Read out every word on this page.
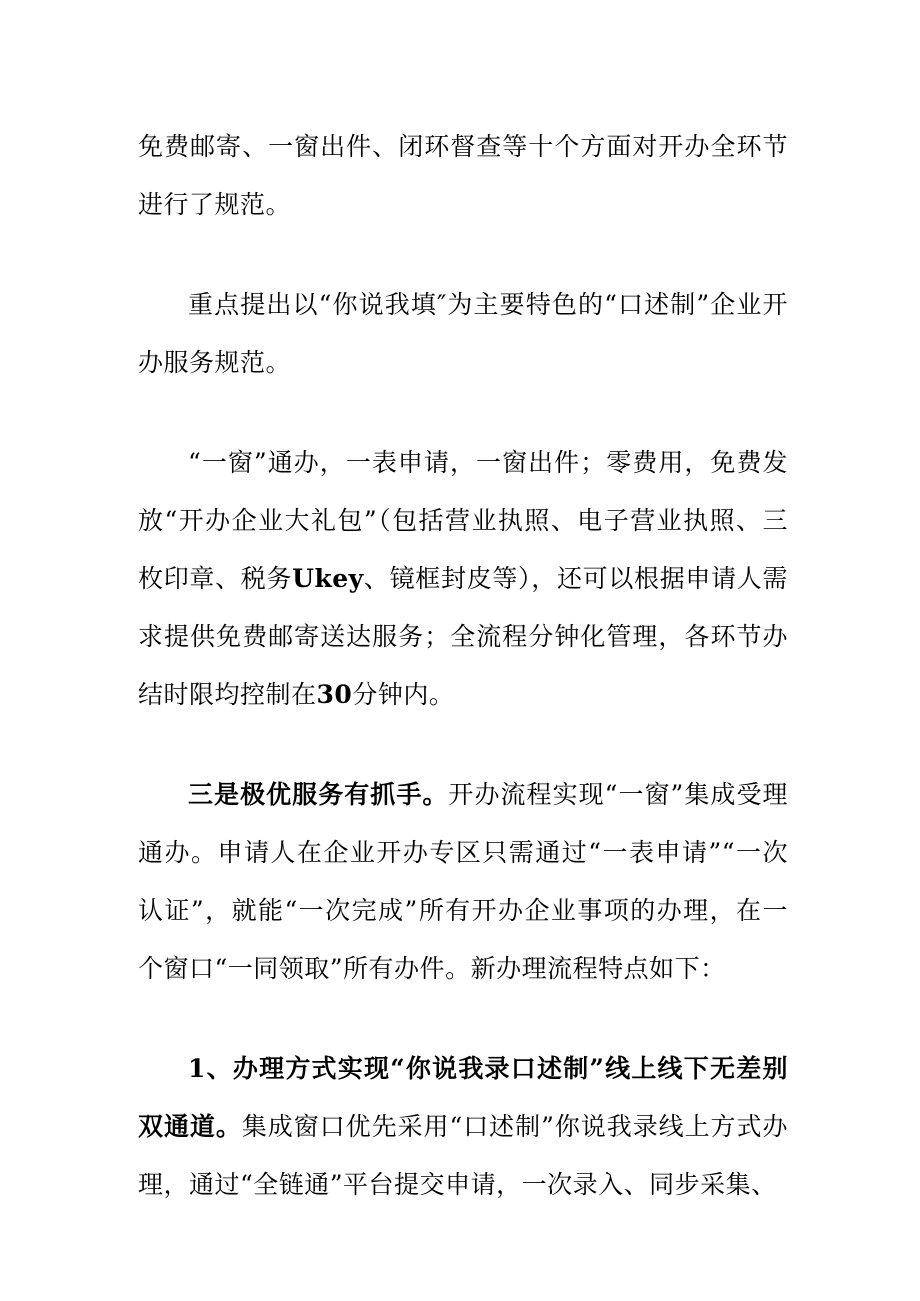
免费邮寄、一窗出件、闭环督查等十个方面对开办全环节进行了规范。

重点提出以“你说我填″为主要特色的“口述制”企业开办服务规范。

“一窗”通办，一表申请，一窗出件；零费用，免费发放“开办企业大礼包”（包括营业执照、电子营业执照、三枚印章、税务Ukey、镜框封皮等），还可以根据申请人需求提供免费邮寄送达服务；全流程分钟化管理，各环节办结时限均控制在30分钟内。

三是极优服务有抓手。开办流程实现“一窗”集成受理通办。申请人在企业开办专区只需通过“一表申请”“一次认证”，就能“一次完成”所有开办企业事项的办理，在一个窗口“一同领取”所有办件。新办理流程特点如下：

1、办理方式实现“你说我录口述制”线上线下无差别双通道。集成窗口优先采用“口述制”你说我录线上方式办理，通过“全链通”平台提交申请，一次录入、同步采集、
